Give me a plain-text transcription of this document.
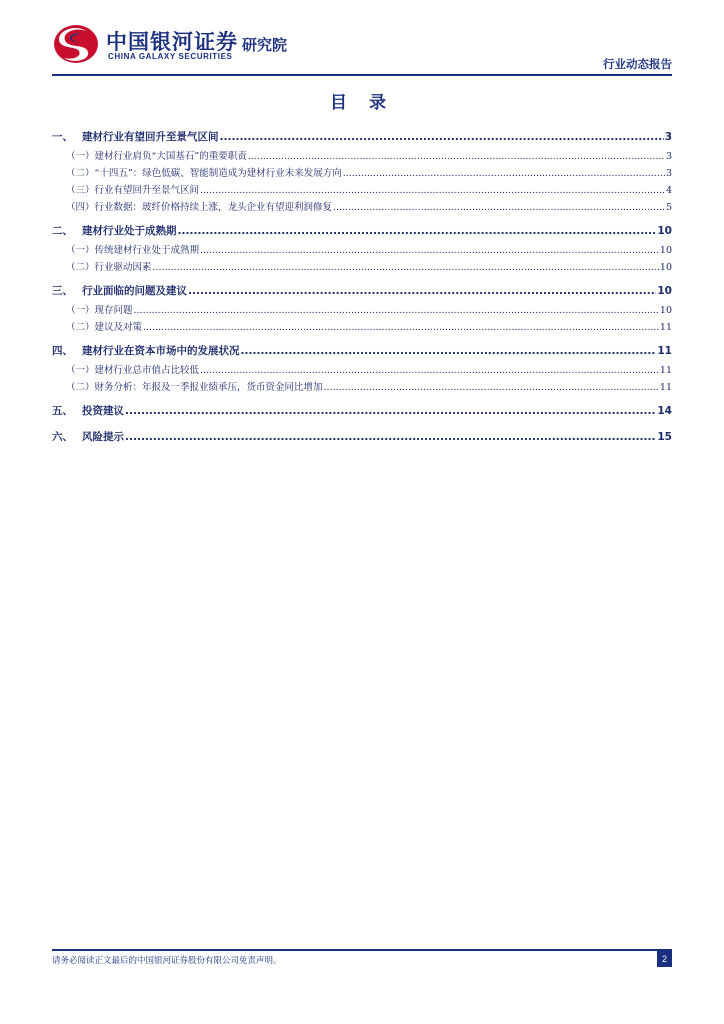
中国银河证券
CHINA GALAXY SECURITIES
研究院
行业动态报告
目 录
一、 建材行业有望回升至景气区间 .....	3
（一）建材行业肩负“大国基石”的重要职责 .....	3
（二）“十四五”：绿色低碳、智能制造成为建材行业未来发展方向 .....	3
（三）行业有望回升至景气区间 .....	4
（四）行业数据：玻纤价格持续上涨，龙头企业有望迎利润修复 .....	5
二、 建材行业处于成熟期 .....	10
（一）传统建材行业处于成熟期 .....	10
（二）行业驱动因素 .....	10
三、 行业面临的问题及建议 .....	10
（一）现存问题 .....	10
（二）建议及对策 .....	11
四、 建材行业在资本市场中的发展状况 .....	11
（一）建材行业总市值占比较低 .....	11
（二）财务分析：年报及一季报业绩承压，货币资金同比增加 .....	11
五、 投资建议 .....	14
六、 风险提示 .....	15
请务必阅读正文最后的中国银河证券股份有限公司免责声明。	2
